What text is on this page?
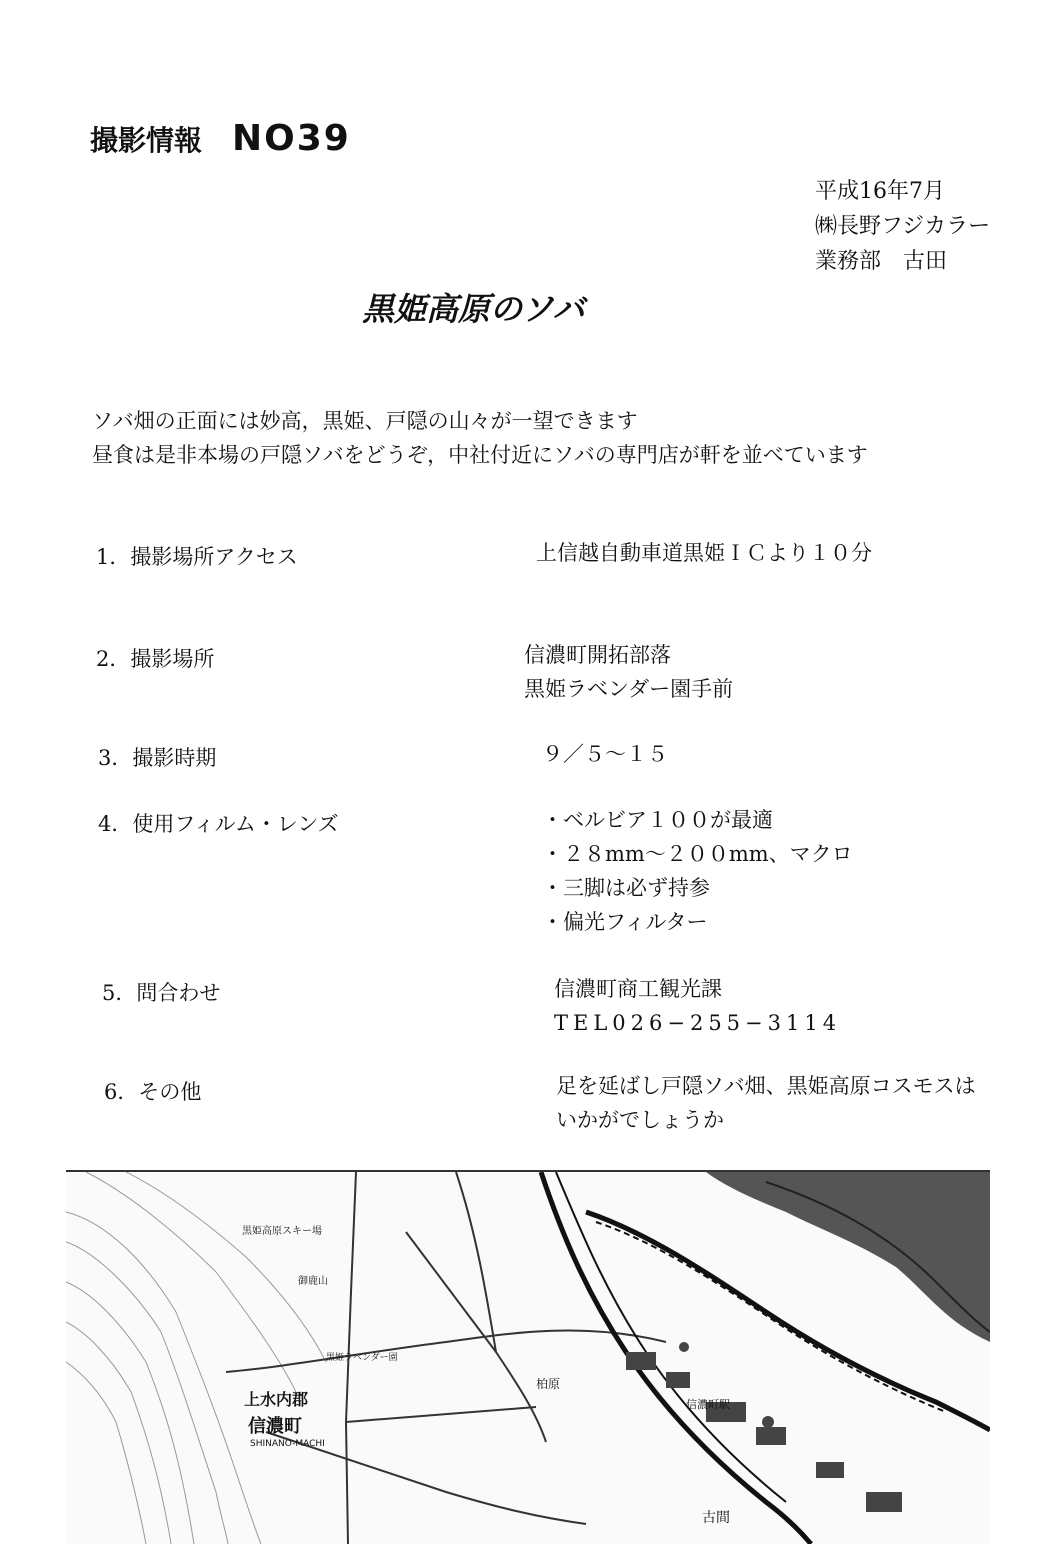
撮影情報 NO39
平成16年7月
㈱長野フジカラー
業務部　古田
黒姫高原のソバ
ソバ畑の正面には妙高，黒姫、戸隠の山々が一望できます
昼食は是非本場の戸隠ソバをどうぞ，中社付近にソバの専門店が軒を並べています
1．撮影場所アクセス	上信越自動車道黒姫ＩＣより１０分
2．撮影場所	信濃町開拓部落
黒姫ラベンダー園手前
3．撮影時期	９／５〜１５
4．使用フィルム・レンズ	・ベルビア１００が最適
・２８mm〜２００mm、マクロ
・三脚は必ず持参
・偏光フィルター
5．問合わせ	信濃町商工観光課
TEL026−255−3114
6．その他	足を延ばし戸隠ソバ畑、黒姫高原コスモスは
いかがでしょうか
黒姫高原スキー場
御鹿山
黒姫ラベンダー園
上水内郡
信濃町
SHINANO-MACHI
柏原
古間
信濃町駅
